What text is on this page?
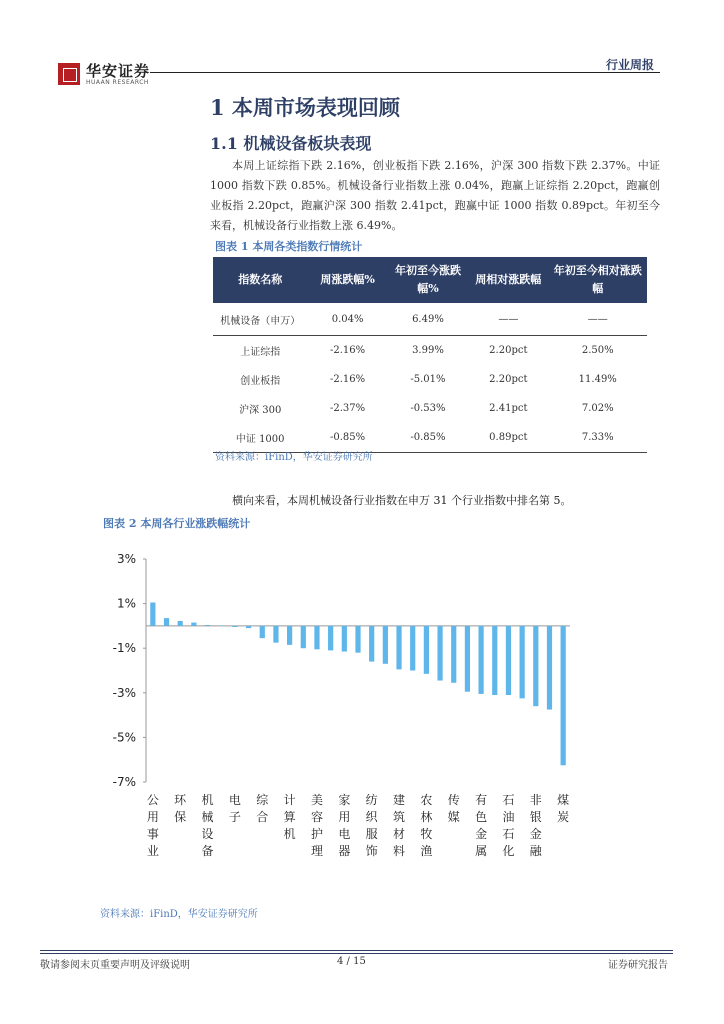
华安证券
HUAAN RESEARCH
行业周报
1 本周市场表现回顾
1.1 机械设备板块表现
本周上证综指下跌 2.16%，创业板指下跌 2.16%，沪深 300 指数下跌 2.37%。中证 1000 指数下跌 0.85%。机械设备行业指数上涨 0.04%，跑赢上证综指 2.20pct，跑赢创业板指 2.20pct，跑赢沪深 300 指数 2.41pct，跑赢中证 1000 指数 0.89pct。年初至今来看，机械设备行业指数上涨 6.49%。
图表 1 本周各类指数行情统计
指数名称	周涨跌幅%	年初至今涨跌幅%	周相对涨跌幅	年初至今相对涨跌幅
机械设备（申万）	0.04%	6.49%	——	——
上证综指	-2.16%	3.99%	2.20pct	2.50%
创业板指	-2.16%	-5.01%	2.20pct	11.49%
沪深 300	-2.37%	-0.53%	2.41pct	7.02%
中证 1000	-0.85%	-0.85%	0.89pct	7.33%
资料来源：iFinD，华安证券研究所
横向来看，本周机械设备行业指数在申万 31 个行业指数中排名第 5。
图表 2 本周各行业涨跌幅统计
3%
1%
-1%
-3%
-5%
-7%
公用事业
环保
机械设备
电子
综合
计算机
美容护理
家用电器
纺织服饰
建筑材料
农林牧渔
传媒
有色金属
石油石化
非银金融
煤炭
资料来源：iFinD，华安证券研究所
敬请参阅末页重要声明及评级说明	4 / 15	证券研究报告
